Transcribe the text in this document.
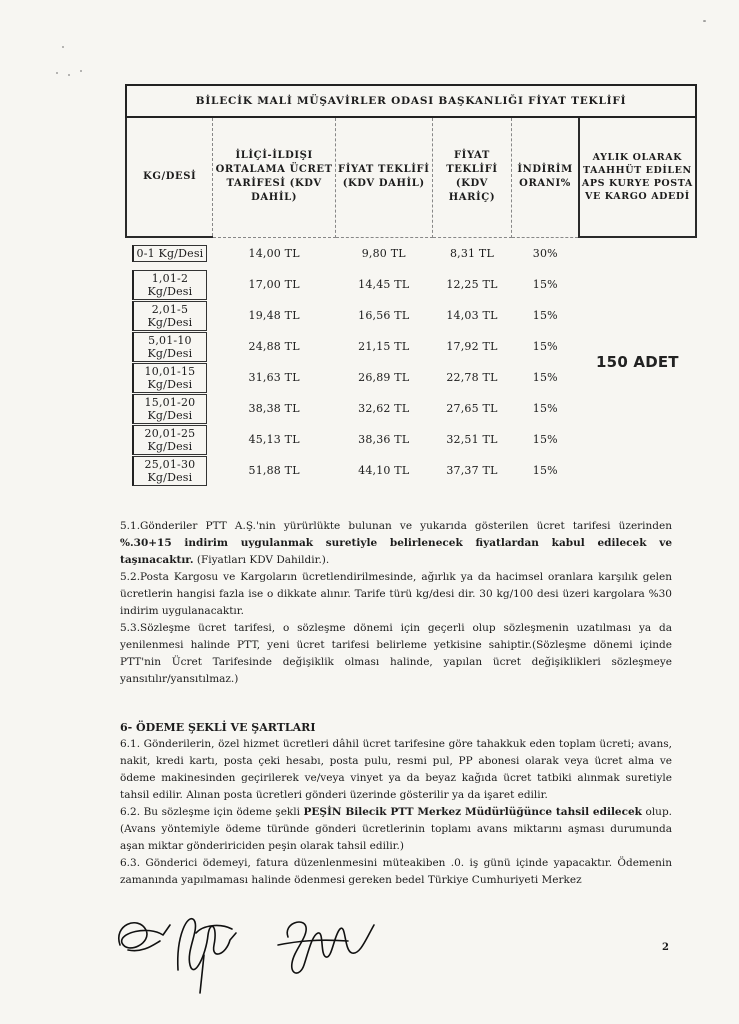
BİLECİK MALİ MÜŞAVİRLER ODASI BAŞKANLIĞI FİYAT TEKLİFİ					
KG/DESİ	İLİÇİ-İLDIŞI ORTALAMA ÜCRET TARİFESİ (KDV DAHİL)	FİYAT TEKLİFİ (KDV DAHİL)	FİYAT TEKLİFİ (KDV HARİÇ)	İNDİRİM ORANI%	AYLIK OLARAK TAAHHÜT EDİLEN APS KURYE POSTA VE KARGO ADEDİ
0-1 Kg/Desi	14,00 TL	9,80 TL	8,31 TL	30%	150 ADET
1,01-2 Kg/Desi	17,00 TL	14,45 TL	12,25 TL	15%	
2,01-5 Kg/Desi	19,48 TL	16,56 TL	14,03 TL	15%	
5,01-10 Kg/Desi	24,88 TL	21,15 TL	17,92 TL	15%	
10,01-15 Kg/Desi	31,63 TL	26,89 TL	22,78 TL	15%	
15,01-20 Kg/Desi	38,38 TL	32,62 TL	27,65 TL	15%	
20,01-25 Kg/Desi	45,13 TL	38,36 TL	32,51 TL	15%	
25,01-30 Kg/Desi	51,88 TL	44,10 TL	37,37 TL	15%	

5.1.Gönderiler PTT A.Ş.'nin yürürlükte bulunan ve yukarıda gösterilen ücret tarifesi üzerinden %.30+15 indirim uygulanmak suretiyle belirlenecek fiyatlardan kabul edilecek ve taşınacaktır. (Fiyatları KDV Dahildir.).

5.2.Posta Kargosu ve Kargoların ücretlendirilmesinde, ağırlık ya da hacimsel oranlara karşılık gelen ücretlerin hangisi fazla ise o dikkate alınır. Tarife türü kg/desi dir. 30 kg/100 desi üzeri kargolara %30 indirim uygulanacaktır.

5.3.Sözleşme ücret tarifesi, o sözleşme dönemi için geçerli olup sözleşmenin uzatılması ya da yenilenmesi halinde PTT, yeni ücret tarifesi belirleme yetkisine sahiptir.(Sözleşme dönemi içinde PTT'nin Ücret Tarifesinde değişiklik olması halinde, yapılan ücret değişiklikleri sözleşmeye yansıtılır/yansıtılmaz.)

6- ÖDEME ŞEKLİ VE ŞARTLARI

6.1. Gönderilerin, özel hizmet ücretleri dâhil ücret tarifesine göre tahakkuk eden toplam ücreti; avans, nakit, kredi kartı, posta çeki hesabı, posta pulu, resmi pul, PP abonesi olarak veya ücret alma ve ödeme makinesinden geçirilerek ve/veya vinyet ya da beyaz kağıda ücret tatbiki alınmak suretiyle tahsil edilir. Alınan posta ücretleri gönderi üzerinde gösterilir ya da işaret edilir.

6.2. Bu sözleşme için ödeme şekli PEŞİN Bilecik PTT Merkez Müdürlüğünce tahsil edilecek olup. (Avans yöntemiyle ödeme türünde gönderi ücretlerinin toplamı avans miktarını aşması durumunda aşan miktar göndeririciden peşin olarak tahsil edilir.)

6.3. Gönderici ödemeyi, fatura düzenlenmesini müteakiben .0. iş günü içinde yapacaktır. Ödemenin zamanında yapılmaması halinde ödenmesi gereken bedel Türkiye Cumhuriyeti Merkez

2
